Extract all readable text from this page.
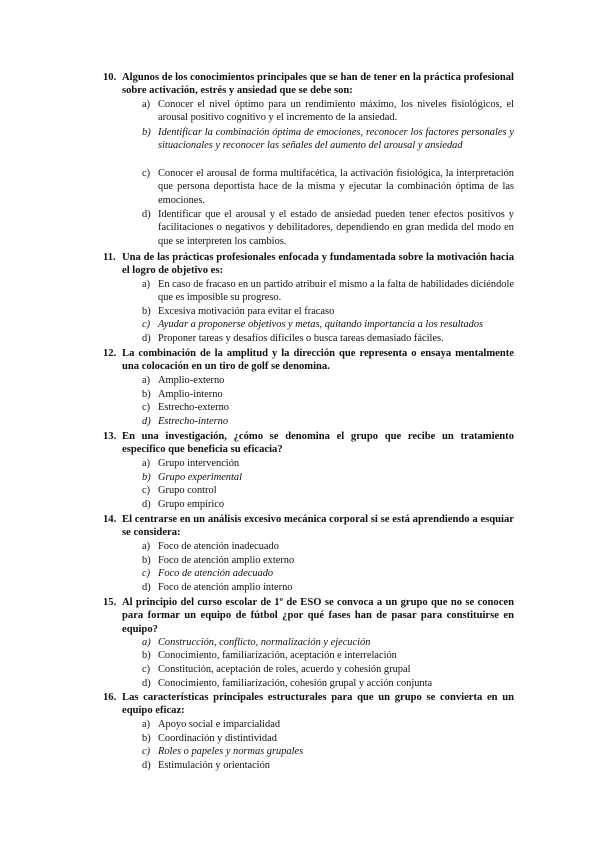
10. Algunos de los conocimientos principales que se han de tener en la práctica profesional sobre activación, estrés y ansiedad que se debe son:
a) Conocer el nivel óptimo para un rendimiento máximo, los niveles fisiológicos, el arousal positivo cognitivo y el incremento de la ansiedad.
b) Identificar la combinación óptima de emociones, reconocer los factores personales y situacionales y reconocer las señales del aumento del arousal y ansiedad
c) Conocer el arousal de forma multifacética, la activación fisiológica, la interpretación que persona deportista hace de la misma y ejecutar la combinación óptima de las emociones.
d) Identificar que el arousal y el estado de ansiedad pueden tener efectos positivos y facilitaciones o negativos y debilitadores, dependiendo en gran medida del modo en que se interpreten los cambios.
11. Una de las prácticas profesionales enfocada y fundamentada sobre la motivación hacia el logro de objetivo es:
a) En caso de fracaso en un partido atribuir el mismo a la falta de habilidades diciéndole que es imposible su progreso.
b) Excesiva motivación para evitar el fracaso
c) Ayudar a proponerse objetivos y metas, quitando importancia a los resultados
d) Proponer tareas y desafíos difíciles o busca tareas demasiado fáciles.
12. La combinación de la amplitud y la dirección que representa o ensaya mentalmente una colocación en un tiro de golf se denomina.
a) Amplio-externo
b) Amplio-interno
c) Estrecho-externo
d) Estrecho-interno
13. En una investigación, ¿cómo se denomina el grupo que recibe un tratamiento específico que beneficia su eficacia?
a) Grupo intervención
b) Grupo experimental
c) Grupo control
d) Grupo empírico
14. El centrarse en un análisis excesivo mecánica corporal si se está aprendiendo a esquiar se considera:
a) Foco de atención inadecuado
b) Foco de atención amplio externo
c) Foco de atención adecuado
d) Foco de atención amplio interno
15. Al principio del curso escolar de 1º de ESO se convoca a un grupo que no se conocen para formar un equipo de fútbol ¿por qué fases han de pasar para constituirse en equipo?
a) Construcción, conflicto, normalización y ejecución
b) Conocimiento, familiarización, aceptación e interrelación
c) Constitución, aceptación de roles, acuerdo y cohesión grupal
d) Conocimiento, familiarización, cohesión grupal y acción conjunta
16. Las características principales estructurales para que un grupo se convierta en un equipo eficaz:
a) Apoyo social e imparcialidad
b) Coordinación y distintividad
c) Roles o papeles y normas grupales
d) Estimulación y orientación
